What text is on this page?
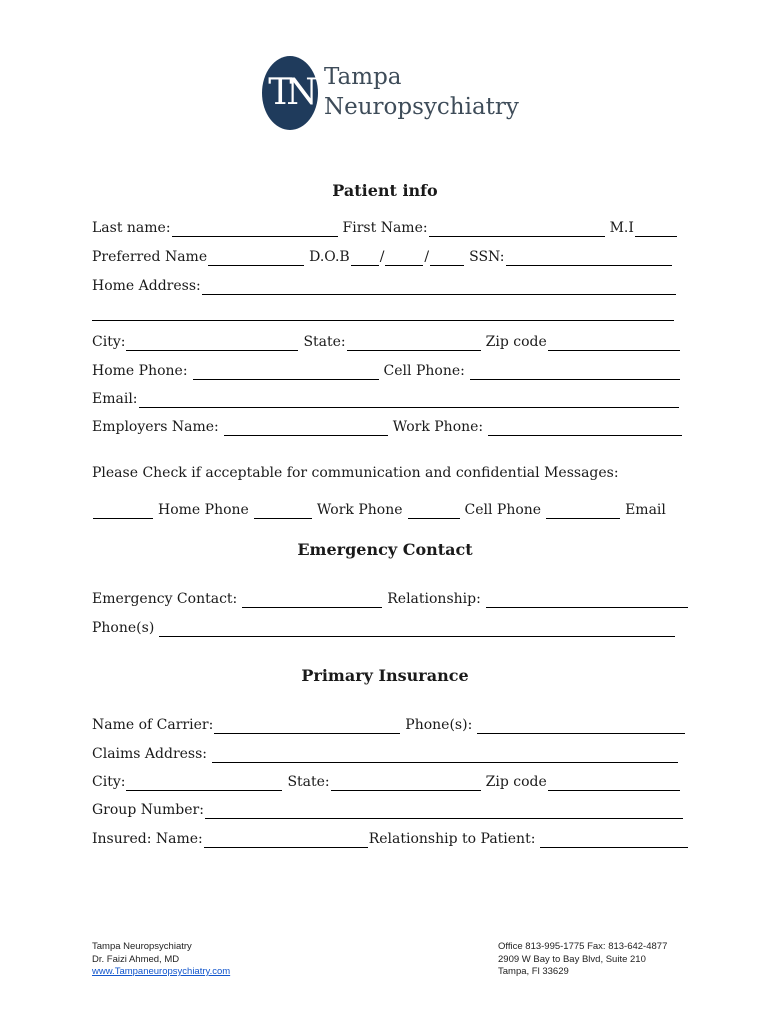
TN Tampa
Neuropsychiatry
Patient info
Last name:	First Name:	M.I
Preferred Name	D.O.B /	/	SSN:
Home Address:
City:	State:	Zip code
Home Phone:	Cell Phone:
Email:
Employers Name:	Work Phone:
Please Check if acceptable for communication and confidential Messages:
Home Phone	Work Phone	Cell Phone	Email
Emergency Contact
Emergency Contact:	Relationship:
Phone(s)
Primary Insurance
Name of Carrier:	Phone(s):
Claims Address:
City:	State:	Zip code
Group Number:
Insured: Name:	Relationship to Patient:
Tampa Neuropsychiatry
Dr. Faizi Ahmed, MD
www.Tampaneuropsychiatry.com
Office 813-995-1775 Fax: 813-642-4877
2909 W Bay to Bay Blvd, Suite 210
Tampa, Fl 33629
